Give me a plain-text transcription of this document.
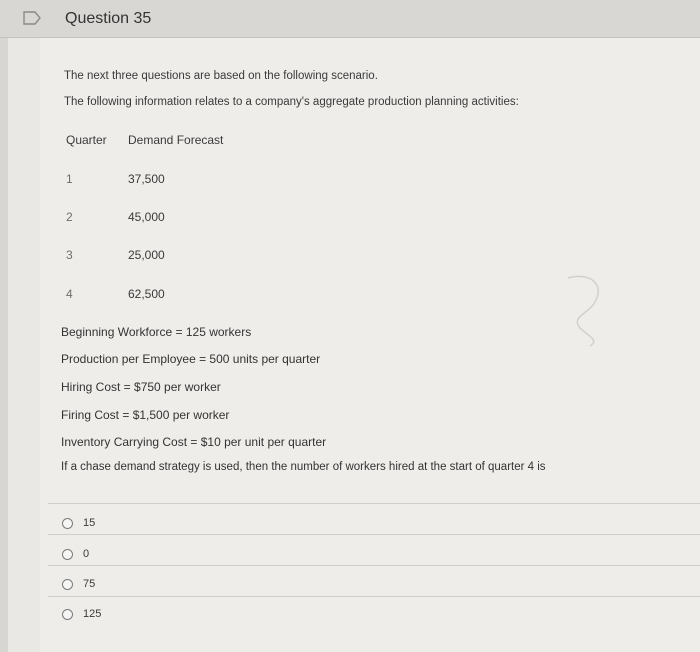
Question 35
The next three questions are based on the following scenario.
The following information relates to a company's aggregate production planning activities:
Quarter Demand Forecast
1	37,500
2	45,000
3	25,000
4	62,500
Beginning Workforce = 125 workers
Production per Employee = 500 units per quarter
Hiring Cost = $750 per worker
Firing Cost = $1,500 per worker
Inventory Carrying Cost = $10 per unit per quarter
If a chase demand strategy is used, then the number of workers hired at the start of quarter 4 is
15
0
75
125
